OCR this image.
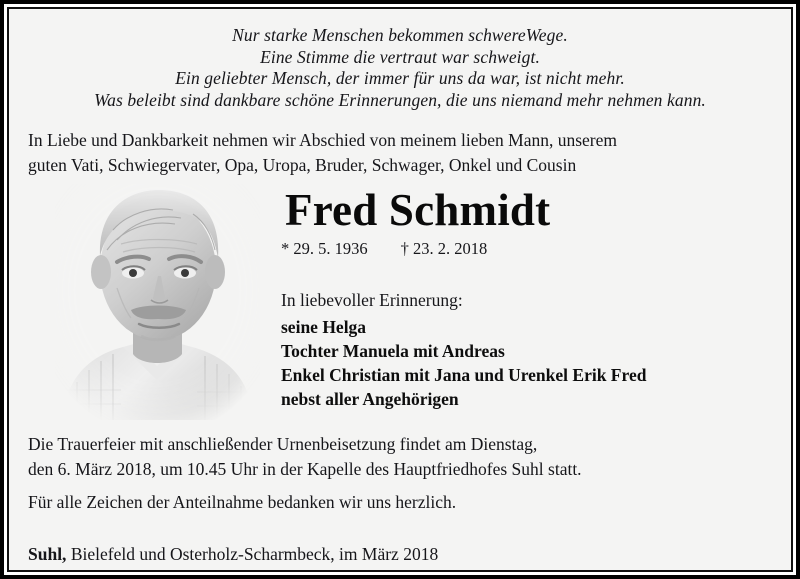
Nur starke Menschen bekommen schwereWege.
Eine Stimme die vertraut war schweigt.
Ein geliebter Mensch, der immer für uns da war, ist nicht mehr.
Was beleibt sind dankbare schöne Erinnerungen, die uns niemand mehr nehmen kann.
In Liebe und Dankbarkeit nehmen wir Abschied von meinem lieben Mann, unserem
guten Vati, Schwiegervater, Opa, Uropa, Bruder, Schwager, Onkel und Cousin
Fred Schmidt
* 29. 5. 1936        † 23. 2. 2018
In liebevoller Erinnerung:
seine Helga
Tochter Manuela mit Andreas
Enkel Christian mit Jana und Urenkel Erik Fred
nebst aller Angehörigen
Die Trauerfeier mit anschließender Urnenbeisetzung findet am Dienstag,
den 6. März 2018, um 10.45 Uhr in der Kapelle des Hauptfriedhofes Suhl statt.
Für alle Zeichen der Anteilnahme bedanken wir uns herzlich.
Suhl, Bielefeld und Osterholz-Scharmbeck, im März 2018
